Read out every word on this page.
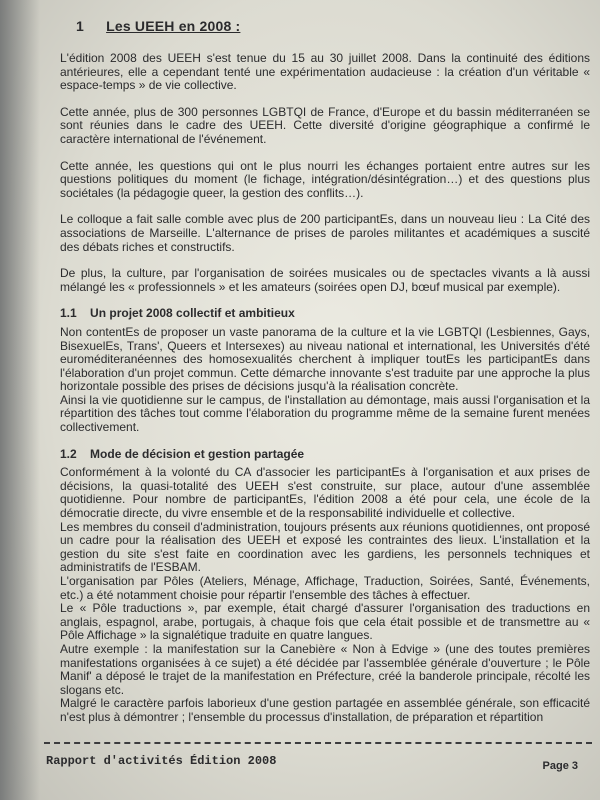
1 Les UEEH en 2008 :

L'édition 2008 des UEEH s'est tenue du 15 au 30 juillet 2008. Dans la continuité des éditions antérieures, elle a cependant tenté une expérimentation audacieuse : la création d'un véritable « espace-temps » de vie collective.

Cette année, plus de 300 personnes LGBTQI de France, d'Europe et du bassin méditerranéen se sont réunies dans le cadre des UEEH. Cette diversité d'origine géographique a confirmé le caractère international de l'événement.

Cette année, les questions qui ont le plus nourri les échanges portaient entre autres sur les questions politiques du moment (le fichage, intégration/désintégration…) et des questions plus sociétales (la pédagogie queer, la gestion des conflits…).

Le colloque a fait salle comble avec plus de 200 participantEs, dans un nouveau lieu : La Cité des associations de Marseille. L'alternance de prises de paroles militantes et académiques a suscité des débats riches et constructifs.

De plus, la culture, par l'organisation de soirées musicales ou de spectacles vivants a là aussi mélangé les « professionnels » et les amateurs (soirées open DJ, bœuf musical par exemple).

1.1 Un projet 2008 collectif et ambitieux

Non contentEs de proposer un vaste panorama de la culture et la vie LGBTQI (Lesbiennes, Gays, BisexuelEs, Trans', Queers et Intersexes) au niveau national et international, les Universités d'été euroméditeranéennes des homosexualités cherchent à impliquer toutEs les participantEs dans l'élaboration d'un projet commun. Cette démarche innovante s'est traduite par une approche la plus horizontale possible des prises de décisions jusqu'à la réalisation concrète.

Ainsi la vie quotidienne sur le campus, de l'installation au démontage, mais aussi l'organisation et la répartition des tâches tout comme l'élaboration du programme même de la semaine furent menées collectivement.

1.2 Mode de décision et gestion partagée

Conformément à la volonté du CA d'associer les participantEs à l'organisation et aux prises de décisions, la quasi-totalité des UEEH s'est construite, sur place, autour d'une assemblée quotidienne. Pour nombre de participantEs, l'édition 2008 a été pour cela, une école de la démocratie directe, du vivre ensemble et de la responsabilité individuelle et collective.

Les membres du conseil d'administration, toujours présents aux réunions quotidiennes, ont proposé un cadre pour la réalisation des UEEH et exposé les contraintes des lieux. L'installation et la gestion du site s'est faite en coordination avec les gardiens, les personnels techniques et administratifs de l'ESBAM.

L'organisation par Pôles (Ateliers, Ménage, Affichage, Traduction, Soirées, Santé, Événements, etc.) a été notamment choisie pour répartir l'ensemble des tâches à effectuer.

Le « Pôle traductions », par exemple, était chargé d'assurer l'organisation des traductions en anglais, espagnol, arabe, portugais, à chaque fois que cela était possible et de transmettre au « Pôle Affichage » la signalétique traduite en quatre langues.

Autre exemple : la manifestation sur la Canebière « Non à Edvige » (une des toutes premières manifestations organisées à ce sujet) a été décidée par l'assemblée générale d'ouverture ; le Pôle Manif' a déposé le trajet de la manifestation en Préfecture, créé la banderole principale, récolté les slogans etc.

Malgré le caractère parfois laborieux d'une gestion partagée en assemblée générale, son efficacité n'est plus à démontrer ; l'ensemble du processus d'installation, de préparation et répartition

Rapport d'activités Édition 2008	Page 3
